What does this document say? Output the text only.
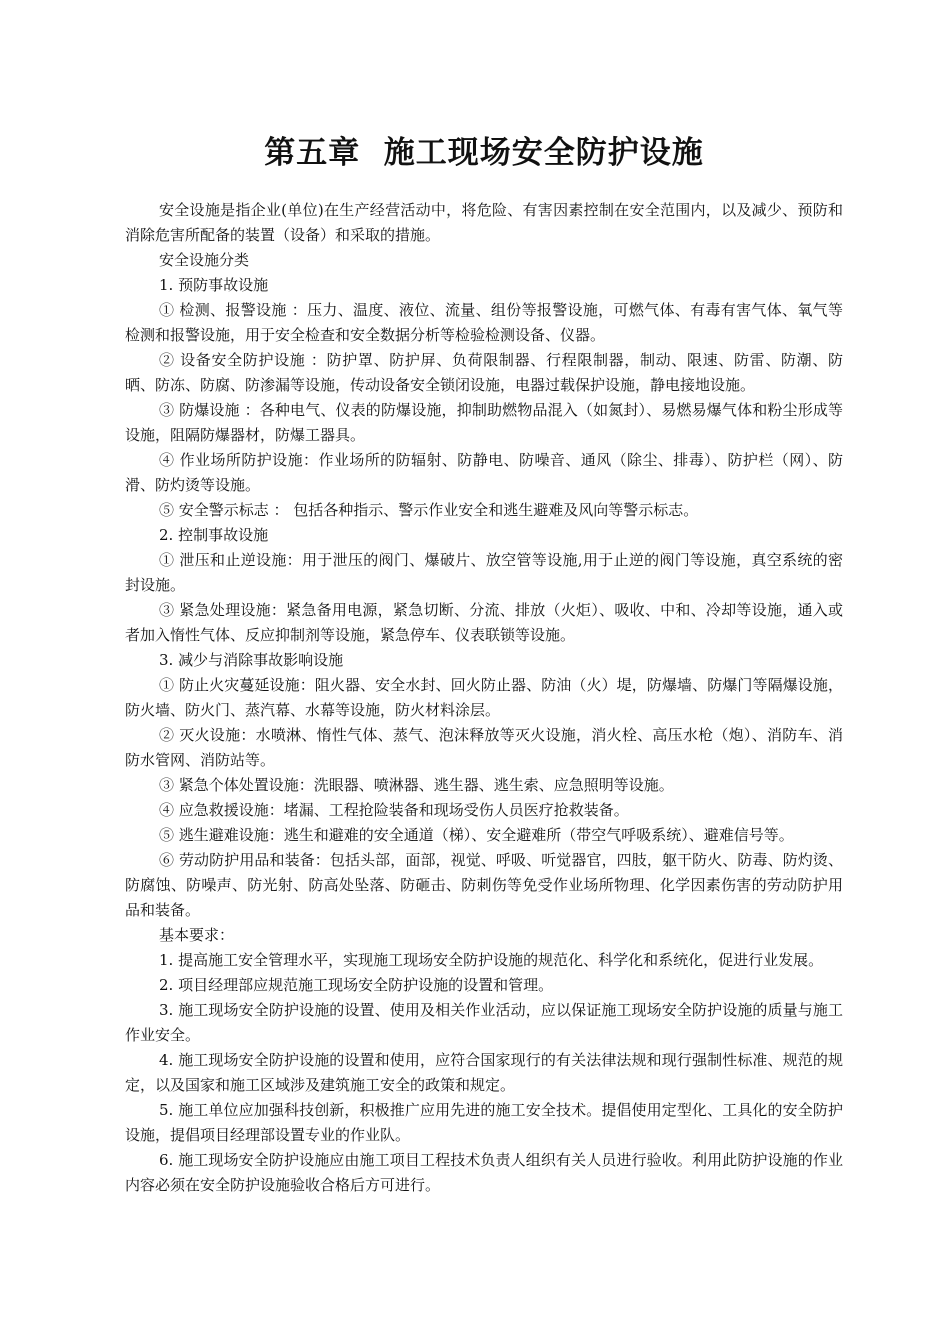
第五章  施工现场安全防护设施

安全设施是指企业(单位)在生产经营活动中，将危险、有害因素控制在安全范围内，以及减少、预防和消除危害所配备的装置（设备）和采取的措施。

安全设施分类

1. 预防事故设施

① 检测、报警设施 ：压力、温度、液位、流量、组份等报警设施，可燃气体、有毒有害气体、氧气等检测和报警设施，用于安全检查和安全数据分析等检验检测设备、仪器。

② 设备安全防护设施 ：防护罩、防护屏、负荷限制器、行程限制器，制动、限速、防雷、防潮、防晒、防冻、防腐、防渗漏等设施，传动设备安全锁闭设施，电器过载保护设施，静电接地设施。

③ 防爆设施 ：各种电气、仪表的防爆设施，抑制助燃物品混入（如氮封）、易燃易爆气体和粉尘形成等设施，阻隔防爆器材，防爆工器具。

④ 作业场所防护设施：作业场所的防辐射、防静电、防噪音、通风（除尘、排毒）、防护栏（网）、防滑、防灼烫等设施。

⑤ 安全警示标志 ： 包括各种指示、警示作业安全和逃生避难及风向等警示标志。

2. 控制事故设施

① 泄压和止逆设施：用于泄压的阀门、爆破片、放空管等设施,用于止逆的阀门等设施，真空系统的密封设施。

③ 紧急处理设施：紧急备用电源，紧急切断、分流、排放（火炬）、吸收、中和、冷却等设施，通入或者加入惰性气体、反应抑制剂等设施，紧急停车、仪表联锁等设施。

3. 减少与消除事故影响设施

① 防止火灾蔓延设施：阻火器、安全水封、回火防止器、防油（火）堤，防爆墙、防爆门等隔爆设施，防火墙、防火门、蒸汽幕、水幕等设施，防火材料涂层。

② 灭火设施：水喷淋、惰性气体、蒸气、泡沫释放等灭火设施，消火栓、高压水枪（炮）、消防车、消防水管网、消防站等。

③ 紧急个体处置设施：洗眼器、喷淋器、逃生器、逃生索、应急照明等设施。

④ 应急救援设施：堵漏、工程抢险装备和现场受伤人员医疗抢救装备。

⑤ 逃生避难设施：逃生和避难的安全通道（梯）、安全避难所（带空气呼吸系统）、避难信号等。

⑥ 劳动防护用品和装备：包括头部，面部，视觉、呼吸、听觉器官，四肢，躯干防火、防毒、防灼烫、防腐蚀、防噪声、防光射、防高处坠落、防砸击、防刺伤等免受作业场所物理、化学因素伤害的劳动防护用品和装备。

基本要求：

1. 提高施工安全管理水平，实现施工现场安全防护设施的规范化、科学化和系统化，促进行业发展。

2. 项目经理部应规范施工现场安全防护设施的设置和管理。

3. 施工现场安全防护设施的设置、使用及相关作业活动，应以保证施工现场安全防护设施的质量与施工作业安全。

4. 施工现场安全防护设施的设置和使用，应符合国家现行的有关法律法规和现行强制性标准、规范的规定，以及国家和施工区域涉及建筑施工安全的政策和规定。

5. 施工单位应加强科技创新，积极推广应用先进的施工安全技术。提倡使用定型化、工具化的安全防护设施，提倡项目经理部设置专业的作业队。

6. 施工现场安全防护设施应由施工项目工程技术负责人组织有关人员进行验收。利用此防护设施的作业内容必须在安全防护设施验收合格后方可进行。
